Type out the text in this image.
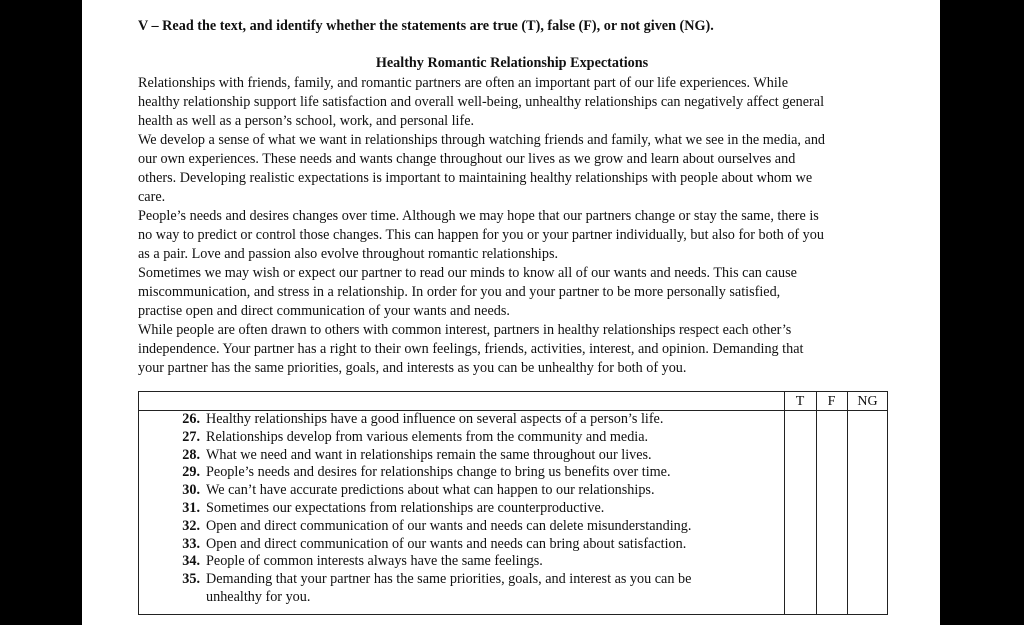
V – Read the text, and identify whether the statements are true (T), false (F), or not given (NG).
Healthy Romantic Relationship Expectations
Relationships with friends, family, and romantic partners are often an important part of our life experiences. While
healthy relationship support life satisfaction and overall well-being, unhealthy relationships can negatively affect general
health as well as a person’s school, work, and personal life.
We develop a sense of what we want in relationships through watching friends and family, what we see in the media, and
our own experiences. These needs and wants change throughout our lives as we grow and learn about ourselves and
others. Developing realistic expectations is important to maintaining healthy relationships with people about whom we
care.
People’s needs and desires changes over time. Although we may hope that our partners change or stay the same, there is
no way to predict or control those changes. This can happen for you or your partner individually, but also for both of you
as a pair. Love and passion also evolve throughout romantic relationships.
Sometimes we may wish or expect our partner to read our minds to know all of our wants and needs. This can cause
miscommunication, and stress in a relationship. In order for you and your partner to be more personally satisfied,
practise open and direct communication of your wants and needs.
While people are often drawn to others with common interest, partners in healthy relationships respect each other’s
independence. Your partner has a right to their own feelings, friends, activities, interest, and opinion. Demanding that
your partner has the same priorities, goals, and interests as you can be unhealthy for both of you.
T	F	NG
26. Healthy relationships have a good influence on several aspects of a person’s life.
27. Relationships develop from various elements from the community and media.
28. What we need and want in relationships remain the same throughout our lives.
29. People’s needs and desires for relationships change to bring us benefits over time.
30. We can’t have accurate predictions about what can happen to our relationships.
31. Sometimes our expectations from relationships are counterproductive.
32. Open and direct communication of our wants and needs can delete misunderstanding.
33. Open and direct communication of our wants and needs can bring about satisfaction.
34. People of common interests always have the same feelings.
35. Demanding that your partner has the same priorities, goals, and interest as you can be unhealthy for you.
